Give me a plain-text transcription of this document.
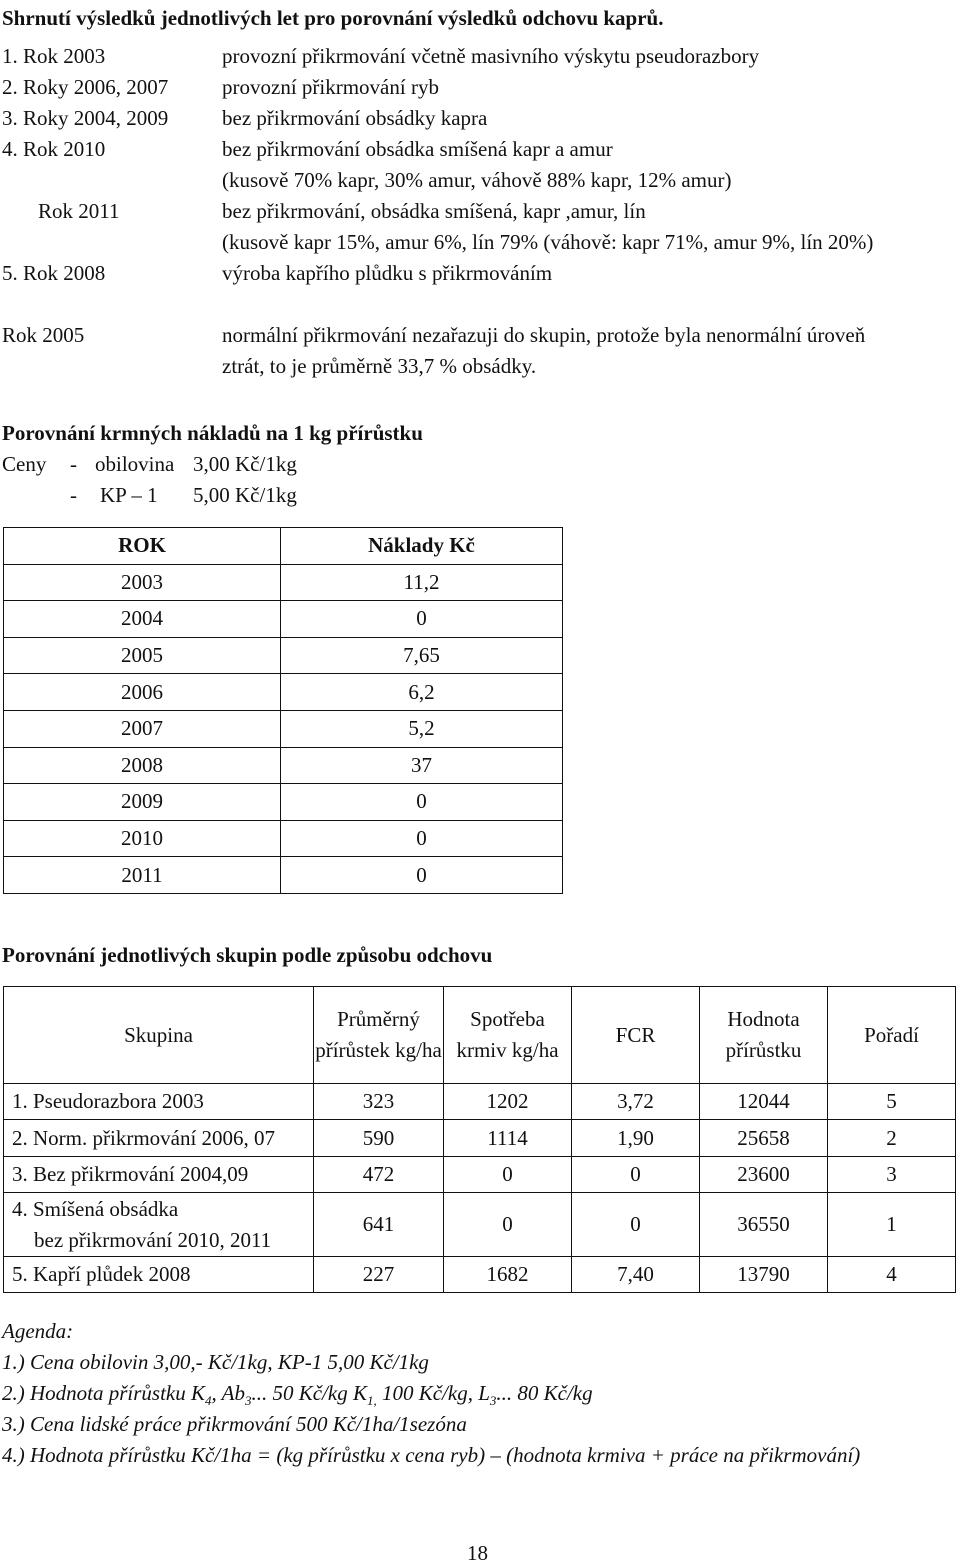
Shrnutí výsledků jednotlivých let pro porovnání výsledků odchovu kaprů.
1. Rok 2003	provozní přikrmování včetně masivního výskytu pseudorazbory
2. Roky 2006, 2007	provozní přikrmování ryb
3. Roky 2004, 2009	bez přikrmování obsádky kapra
4. Rok 2010	bez přikrmování obsádka smíšená kapr a amur
(kusově 70% kapr, 30% amur, váhově 88% kapr, 12% amur)
Rok 2011	bez přikrmování, obsádka smíšená, kapr ,amur, lín
(kusově kapr 15%, amur 6%, lín 79% (váhově: kapr 71%, amur 9%, lín 20%)
5. Rok 2008	výroba kapřího plůdku s přikrmováním
Rok 2005	normální přikrmování nezařazuji do skupin, protože byla nenormální úroveň
ztrát, to je průměrně 33,7 % obsádky.
Porovnání krmných nákladů na 1 kg přírůstku
Ceny - obilovina 3,00 Kč/1kg
- KP – 1 5,00 Kč/1kg
ROK	Náklady Kč
2003	11,2
2004	0
2005	7,65
2006	6,2
2007	5,2
2008	37
2009	0
2010	0
2011	0
Porovnání jednotlivých skupin podle způsobu odchovu
Skupina	Průměrný přírůstek kg/ha	Spotřeba krmiv kg/ha	FCR	Hodnota přírůstku	Pořadí
1. Pseudorazbora 2003	323	1202	3,72	12044	5
2. Norm. přikrmování 2006, 07	590	1114	1,90	25658	2
3. Bez přikrmování 2004,09	472	0	0	23600	3

4. Smíšená obsádka
bez přikrmování 2010, 2011	641	0	0	36550	1
5. Kapří plůdek 2008	227	1682	7,40	13790	4
Agenda:
1.) Cena obilovin 3,00,- Kč/1kg, KP-1 5,00 Kč/1kg
2.) Hodnota přírůstku $K_4$, $Ab_3$... 50 Kč/kg $K_{1,}$ 100 Kč/kg, $L_3$... 80 Kč/kg
3.) Cena lidské práce přikrmování 500 Kč/1ha/1sezóna
4.) Hodnota přírůstku Kč/1ha = (kg přírůstku x cena ryb) – (hodnota krmiva + práce na přikrmování)
18
